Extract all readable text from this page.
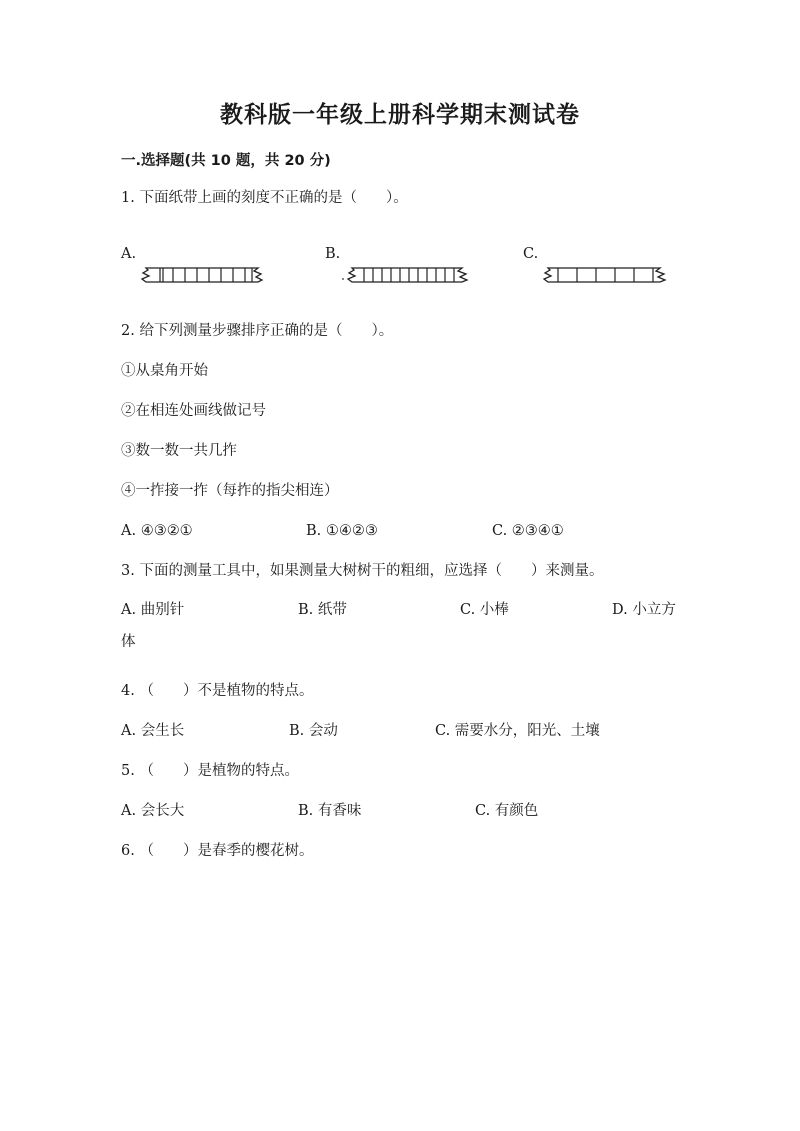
教科版一年级上册科学期末测试卷
一.选择题(共 10 题，共 20 分)
1. 下面纸带上画的刻度不正确的是（　　）。
A.	B.	C.
2. 给下列测量步骤排序正确的是（　　）。
①从桌角开始
②在相连处画线做记号
③数一数一共几拃
④一拃接一拃（每拃的指尖相连）
A. ④③②①	B. ①④②③	C. ②③④①
3. 下面的测量工具中，如果测量大树树干的粗细，应选择（　　）来测量。
A. 曲别针	B. 纸带	C. 小棒	D. 小立方
体
4. （　　）不是植物的特点。
A. 会生长	B. 会动	C. 需要水分，阳光、土壤
5. （　　）是植物的特点。
A. 会长大	B. 有香味	C. 有颜色
6. （　　）是春季的樱花树。
